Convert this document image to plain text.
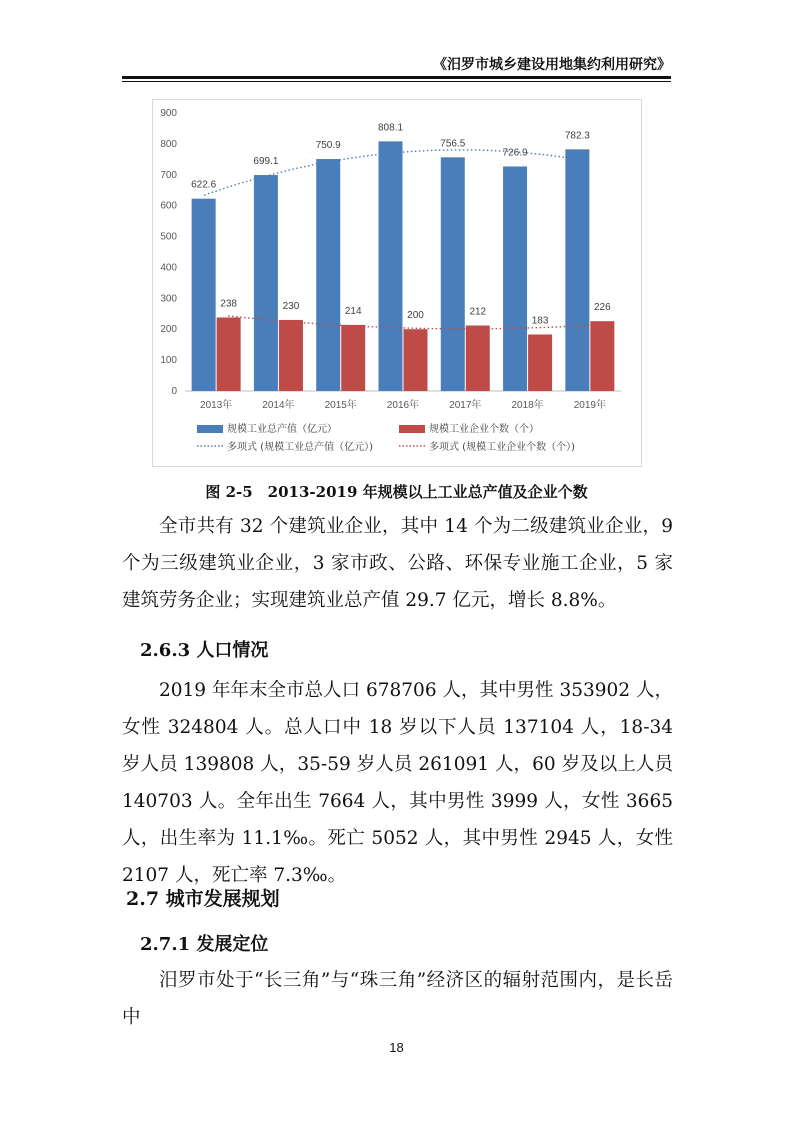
《汨罗市城乡建设用地集约利用研究》
0
100
200
300
400
500
600
700
800
900
2013年	2014年	2015年	2016年	2017年	2018年	2019年
622.6
699.1
750.9
808.1
756.5
726.9
782.3
238	230	214	200	212
183
226
规模工业总产值（亿元）	规模工业企业个数（个）
多项式 (规模工业总产值（亿元）)	多项式 (规模工业企业个数（个）)
图 2-5　2013-2019 年规模以上工业总产值及企业个数

全市共有 32 个建筑业企业，其中 14 个为二级建筑业企业，9 个为三级建筑业企业，3 家市政、公路、环保专业施工企业，5 家建筑劳务企业；实现建筑业总产值 29.7 亿元，增长 8.8%。

2.6.3 人口情况

2019 年年末全市总人口 678706 人，其中男性 353902 人，女性 324804 人。总人口中 18 岁以下人员 137104 人，18-34 岁人员 139808 人，35-59 岁人员 261091 人，60 岁及以上人员 140703 人。全年出生 7664 人，其中男性 3999 人，女性 3665 人，出生率为 11.1‰。死亡 5052 人，其中男性 2945 人，女性 2107 人，死亡率 7.3‰。

2.7 城市发展规划

2.7.1 发展定位

汨罗市处于“长三角”与“珠三角”经济区的辐射范围内，是长岳中

18
